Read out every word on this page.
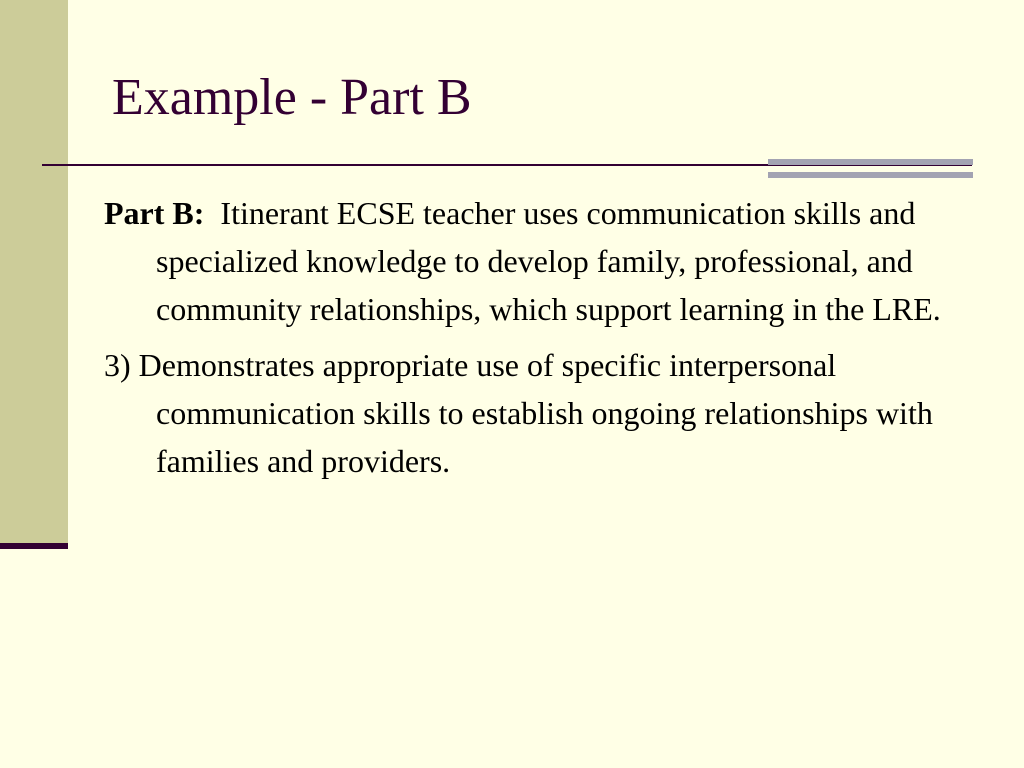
Example - Part B

Part B: Itinerant ECSE teacher uses communication skills and specialized knowledge to develop family, professional, and community relationships, which support learning in the LRE.

3) Demonstrates appropriate use of specific interpersonal communication skills to establish ongoing relationships with families and providers.
